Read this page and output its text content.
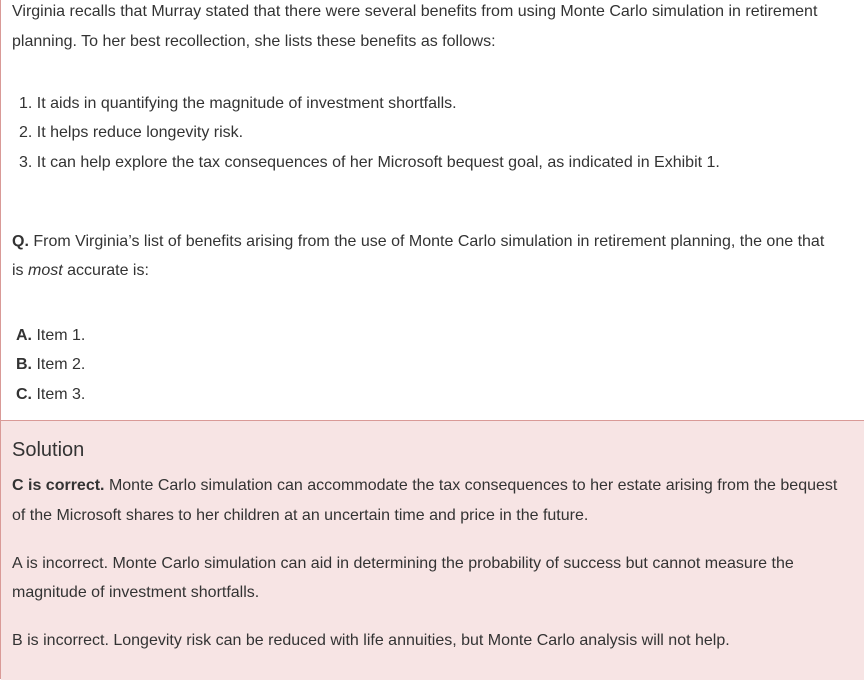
Virginia recalls that Murray stated that there were several benefits from using Monte Carlo simulation in retirement
planning. To her best recollection, she lists these benefits as follows:
1. It aids in quantifying the magnitude of investment shortfalls.
2. It helps reduce longevity risk.
3. It can help explore the tax consequences of her Microsoft bequest goal, as indicated in Exhibit 1.
Q. From Virginia’s list of benefits arising from the use of Monte Carlo simulation in retirement planning, the one that
is most accurate is:
A. Item 1.
B. Item 2.
C. Item 3.
Solution
C is correct. Monte Carlo simulation can accommodate the tax consequences to her estate arising from the bequest
of the Microsoft shares to her children at an uncertain time and price in the future.
A is incorrect. Monte Carlo simulation can aid in determining the probability of success but cannot measure the
magnitude of investment shortfalls.
B is incorrect. Longevity risk can be reduced with life annuities, but Monte Carlo analysis will not help.
